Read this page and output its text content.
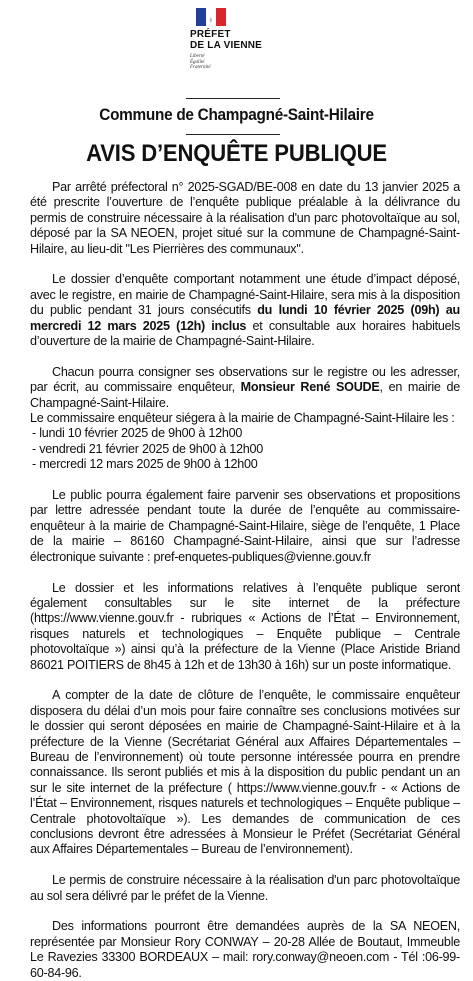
◗
PRÉFET
DE LA VIENNE
Liberté
Égalité
Fraternité
Commune de Champagné-Saint-Hilaire
AVIS D’ENQUÊTE PUBLIQUE

Par arrêté préfectoral n° 2025-SGAD/BE-008 en date du 13 janvier 2025 a été prescrite l’ouverture de l’enquête publique préalable à la délivrance du permis de construire nécessaire à la réalisation d'un parc photovoltaïque au sol, déposé par la SA NEOEN, projet situé sur la commune de Champagné-Saint-Hilaire, au lieu-dit "Les Pierrières des communaux".

Le dossier d’enquête comportant notamment une étude d’impact déposé, avec le registre, en mairie de Champagné-Saint-Hilaire, sera mis à la disposition du public pendant 31 jours consécutifs du lundi 10 février 2025 (09h) au mercredi 12 mars 2025 (12h) inclus et consultable aux horaires habituels d’ouverture de la mairie de Champagné-Saint-Hilaire.

Chacun pourra consigner ses observations sur le registre ou les adresser, par écrit, au commissaire enquêteur, Monsieur René SOUDE, en mairie de Champagné-Saint-Hilaire.
Le commissaire enquêteur siégera à la mairie de Champagné-Saint-Hilaire les :

- lundi 10 février 2025 de 9h00 à 12h00

- vendredi 21 février 2025 de 9h00 à 12h00

- mercredi 12 mars 2025 de 9h00 à 12h00

Le public pourra également faire parvenir ses observations et propositions par lettre adressée pendant toute la durée de l’enquête au commissaire-enquêteur à la mairie de Champagné-Saint-Hilaire, siège de l’enquête, 1 Place de la mairie – 86160 Champagné-Saint-Hilaire, ainsi que sur l’adresse électronique suivante : pref-enquetes-publiques@vienne.gouv.fr

Le dossier et les informations relatives à l’enquête publique seront également consultables sur le site internet de la préfecture (https://www.vienne.gouv.fr - rubriques « Actions de l’État – Environnement, risques naturels et technologiques – Enquête publique – Centrale photovoltaïque ») ainsi qu’à la préfecture de la Vienne (Place Aristide Briand 86021 POITIERS de 8h45 à 12h et de 13h30 à 16h) sur un poste informatique.

A compter de la date de clôture de l’enquête, le commissaire enquêteur disposera du délai d’un mois pour faire connaître ses conclusions motivées sur le dossier qui seront déposées en mairie de Champagné-Saint-Hilaire et à la préfecture de la Vienne (Secrétariat Général aux Affaires Départementales – Bureau de l’environnement) où toute personne intéressée pourra en prendre connaissance. Ils seront publiés et mis à la disposition du public pendant un an sur le site internet de la préfecture ( https://www.vienne.gouv.fr - « Actions de l’État – Environnement, risques naturels et technologiques – Enquête publique – Centrale photovoltaïque »). Les demandes de communication de ces conclusions devront être adressées à Monsieur le Préfet (Secrétariat Général aux Affaires Départementales – Bureau de l’environnement).

Le permis de construire nécessaire à la réalisation d'un parc photovoltaïque au sol sera délivré par le préfet de la Vienne.

Des informations pourront être demandées auprès de la SA NEOEN, représentée par Monsieur Rory CONWAY – 20-28 Allée de Boutaut, Immeuble Le Ravezies 33300 BORDEAUX – mail: rory.conway@neoen.com - Tél :06-99-60-84-96.
